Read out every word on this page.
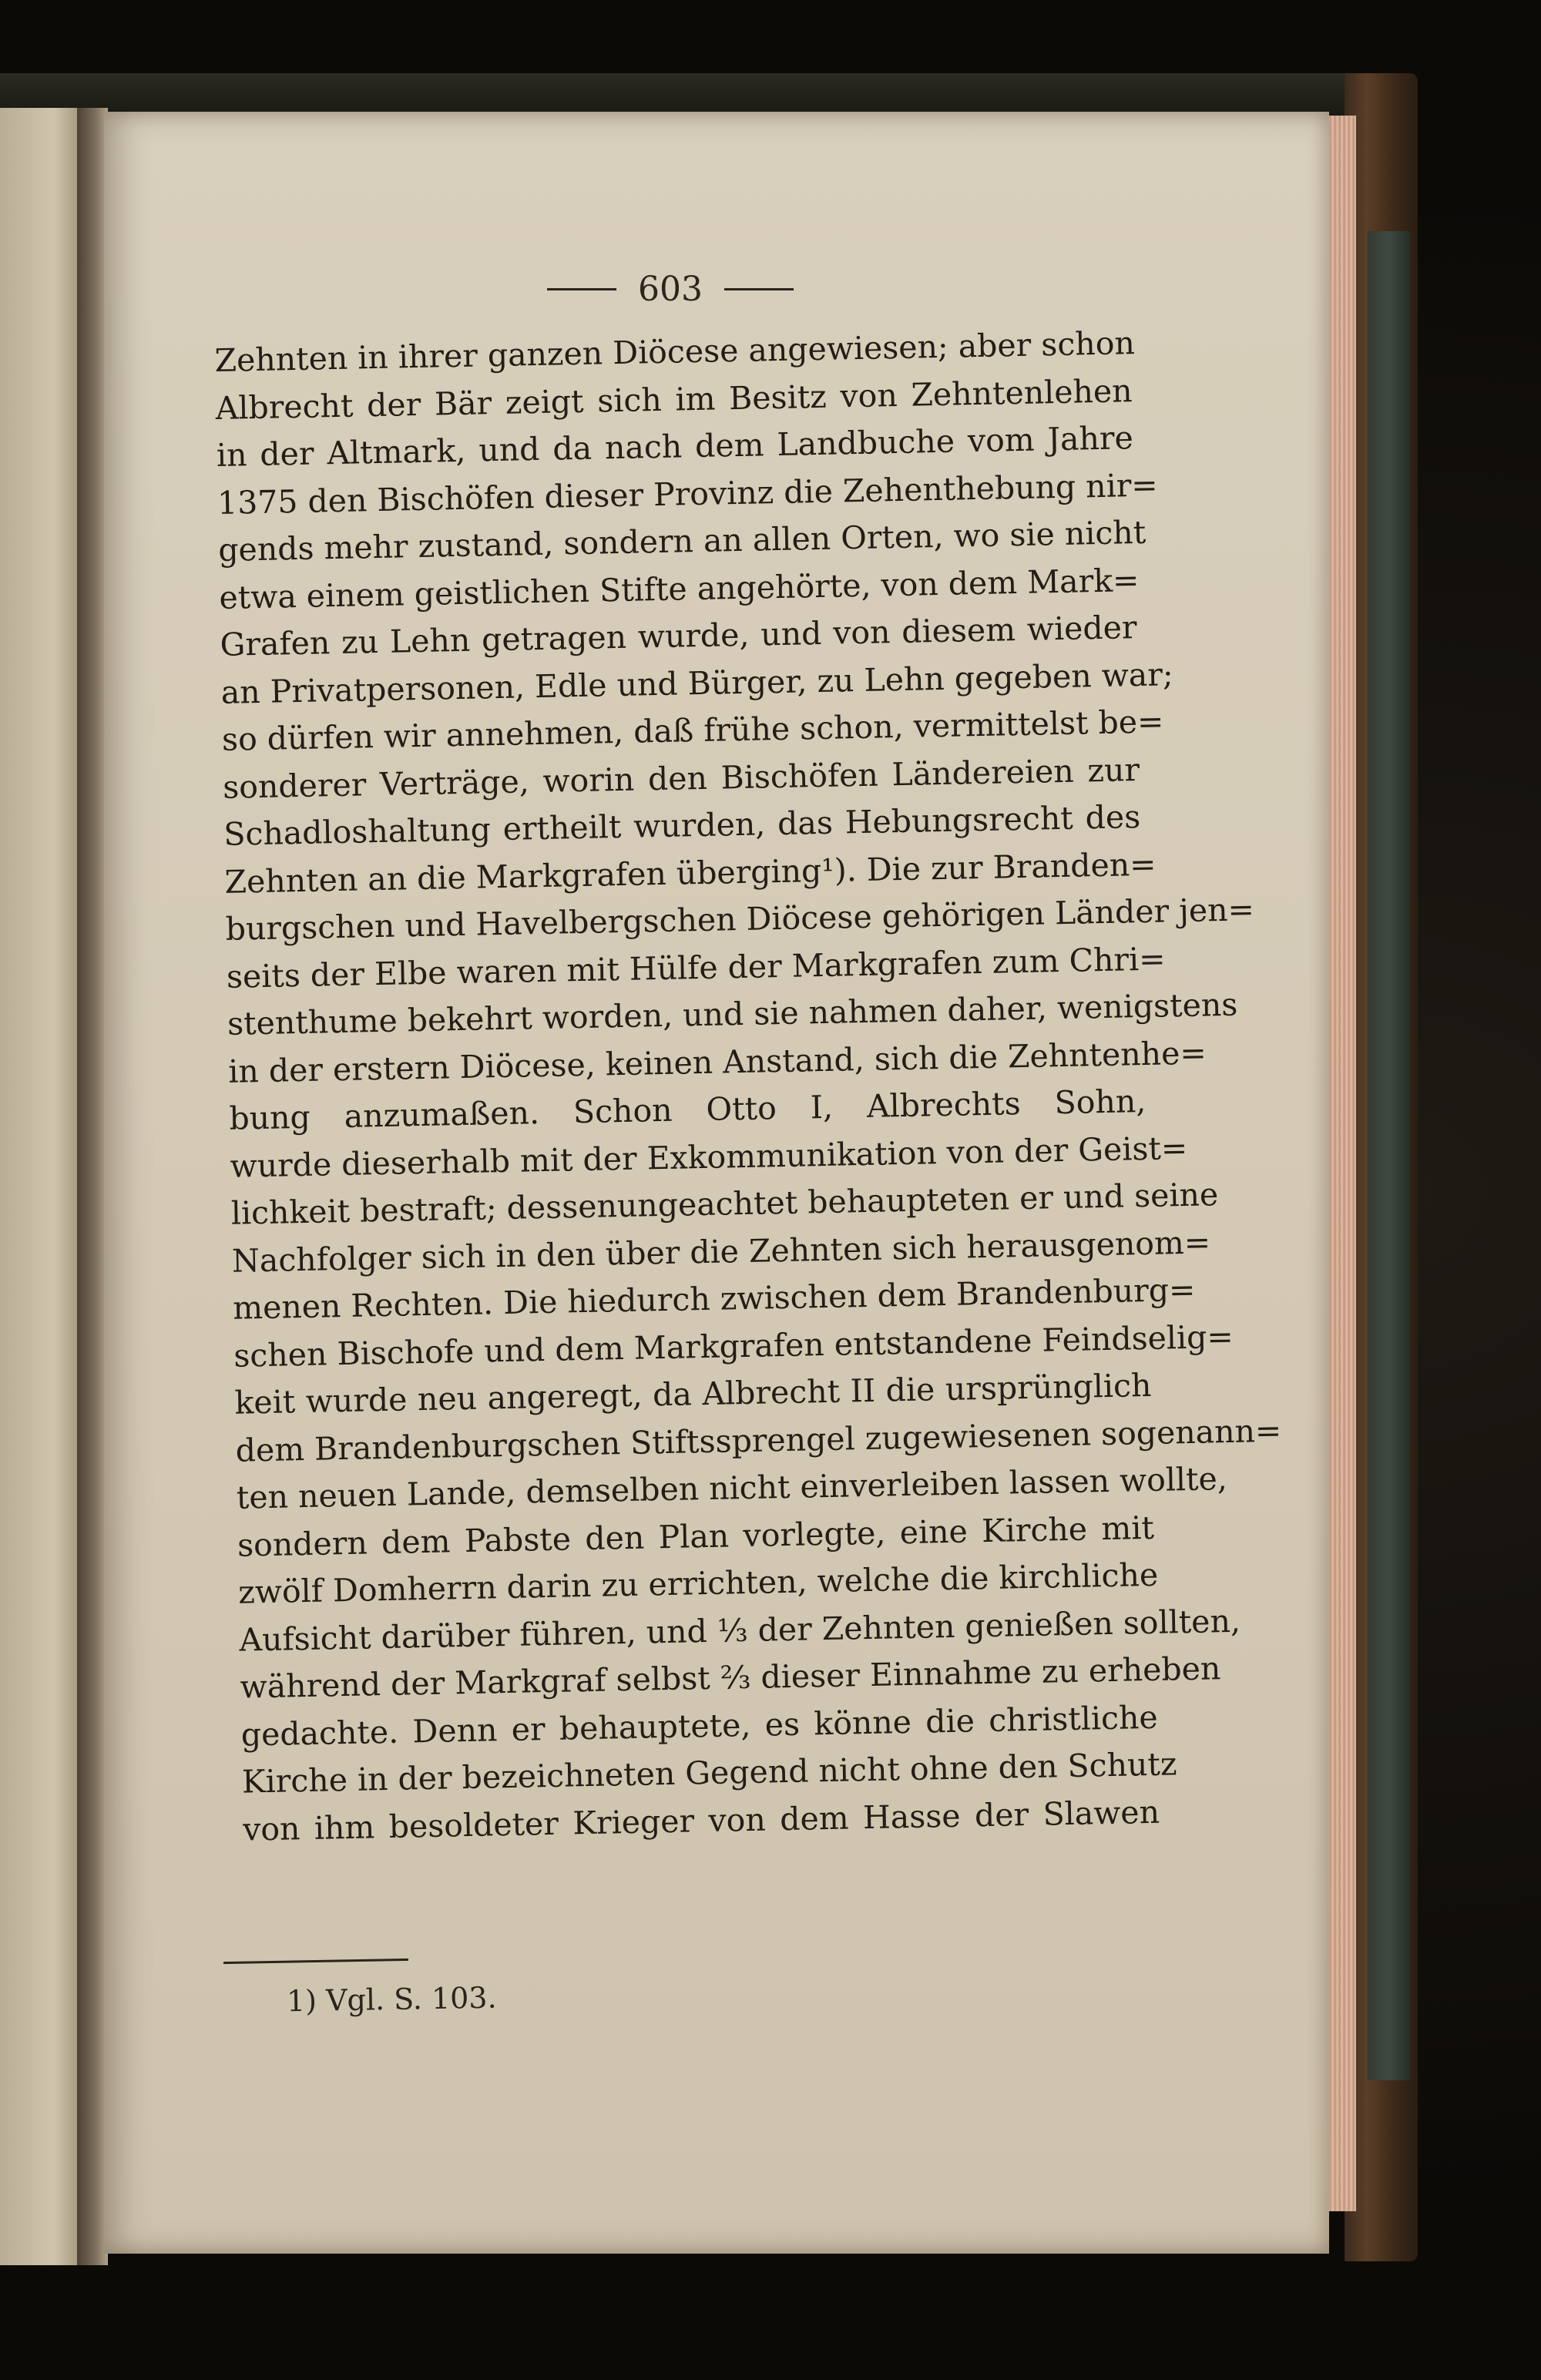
603
Zehnten in ihrer ganzen Diöcese angewiesen; aber schon
Albrecht der Bär zeigt sich im Besitz von Zehntenlehen
in der Altmark, und da nach dem Landbuche vom Jahre
1375 den Bischöfen dieser Provinz die Zehenthebung nir=
gends mehr zustand, sondern an allen Orten, wo sie nicht
etwa einem geistlichen Stifte angehörte, von dem Mark=
Grafen zu Lehn getragen wurde, und von diesem wieder
an Privatpersonen, Edle und Bürger, zu Lehn gegeben war;
so dürfen wir annehmen, daß frühe schon, vermittelst be=
sonderer Verträge, worin den Bischöfen Ländereien zur
Schadloshaltung ertheilt wurden, das Hebungsrecht des
Zehnten an die Markgrafen überging¹). Die zur Branden=
burgschen und Havelbergschen Diöcese gehörigen Länder jen=
seits der Elbe waren mit Hülfe der Markgrafen zum Chri=
stenthume bekehrt worden, und sie nahmen daher, wenigstens
in der erstern Diöcese, keinen Anstand, sich die Zehntenhe=
bung anzumaßen. Schon Otto I, Albrechts Sohn,
wurde dieserhalb mit der Exkommunikation von der Geist=
lichkeit bestraft; dessenungeachtet behaupteten er und seine
Nachfolger sich in den über die Zehnten sich herausgenom=
menen Rechten. Die hiedurch zwischen dem Brandenburg=
schen Bischofe und dem Markgrafen entstandene Feindselig=
keit wurde neu angeregt, da Albrecht II die ursprünglich
dem Brandenburgschen Stiftssprengel zugewiesenen sogenann=
ten neuen Lande, demselben nicht einverleiben lassen wollte,
sondern dem Pabste den Plan vorlegte, eine Kirche mit
zwölf Domherrn darin zu errichten, welche die kirchliche
Aufsicht darüber führen, und ⅓ der Zehnten genießen sollten,
während der Markgraf selbst ⅔ dieser Einnahme zu erheben
gedachte. Denn er behauptete, es könne die christliche
Kirche in der bezeichneten Gegend nicht ohne den Schutz
von ihm besoldeter Krieger von dem Hasse der Slawen
1) Vgl. S. 103.
